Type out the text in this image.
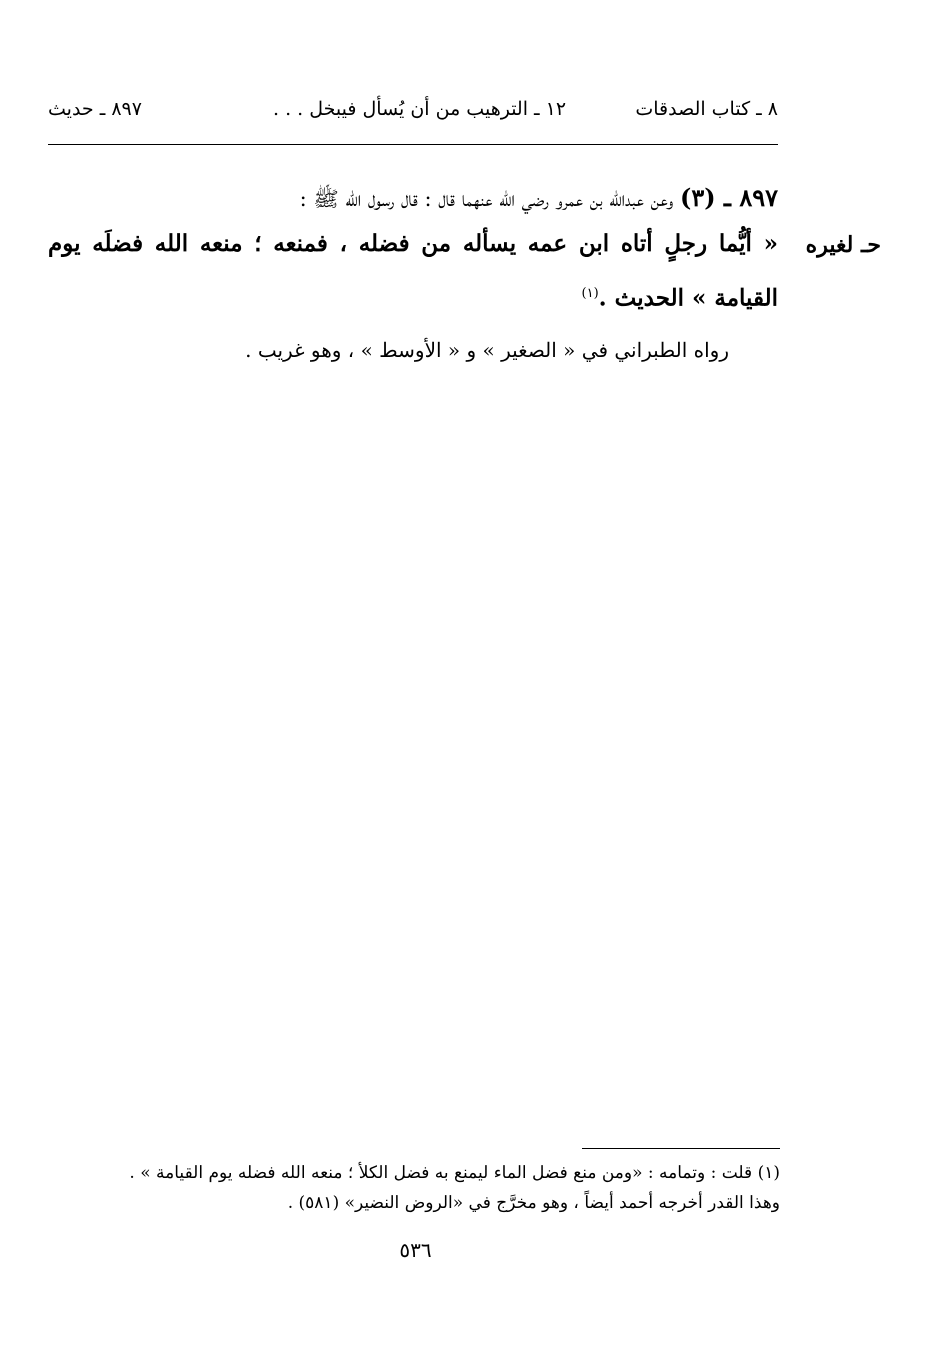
٨٩٧ ـ حديث	١٢ ـ الترهيب من أن يُسأل فيبخل . . .	٨ ـ كتاب الصدقات
حـ لغيره

٨٩٧ ـ (٣) وعن عبدالله بن عمرو رضي الله عنهما قال : قال رسول الله ﷺ :

« أيُّما رجلٍ أتاه ابن عمه يسأله من فضله ، فمنعه ؛ منعه الله فضلَه يوم القيامة » الحديث .$^{(١)}$

رواه الطبراني في « الصغير » و « الأوسط » ، وهو غريب .

(١) قلت : وتمامه : «ومن منع فضل الماء ليمنع به فضل الكلأ ؛ منعه الله فضله يوم القيامة » .

وهذا القدر أخرجه أحمد أيضاً ، وهو مخرَّج في «الروض النضير» (٥٨١) .

٥٣٦
